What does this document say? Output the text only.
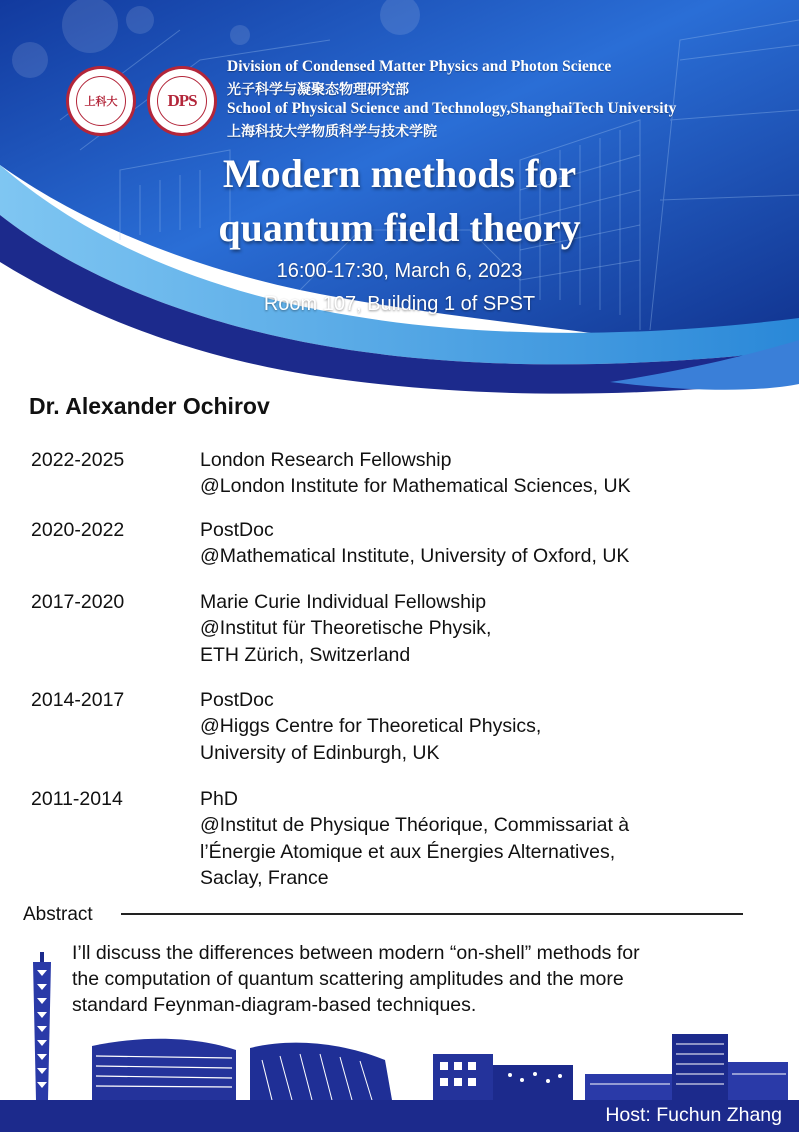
上科大	DPS
Division of Condensed Matter Physics and Photon Science
光子科学与凝聚态物理研究部
School of Physical Science and Technology,ShanghaiTech University
上海科技大学物质科学与技术学院
Modern methods for
quantum field theory
16:00-17:30, March 6, 2023
Room 107, Building 1 of SPST
Dr. Alexander Ochirov
2022-2025	London Research Fellowship
@London Institute for Mathematical Sciences, UK
2020-2022	PostDoc
@Mathematical Institute, University of Oxford, UK
2017-2020	Marie Curie Individual Fellowship
@Institut für Theoretische Physik,
ETH Zürich, Switzerland
2014-2017	PostDoc
@Higgs Centre for Theoretical Physics,
University of Edinburgh, UK
2011-2014	PhD
@Institut de Physique Théorique, Commissariat à
l’Énergie Atomique et aux Énergies Alternatives,
Saclay, France
Abstract
I’ll discuss the differences between modern “on-shell” methods for
the computation of quantum scattering amplitudes and the more
standard Feynman-diagram-based techniques.
Host: Fuchun Zhang
